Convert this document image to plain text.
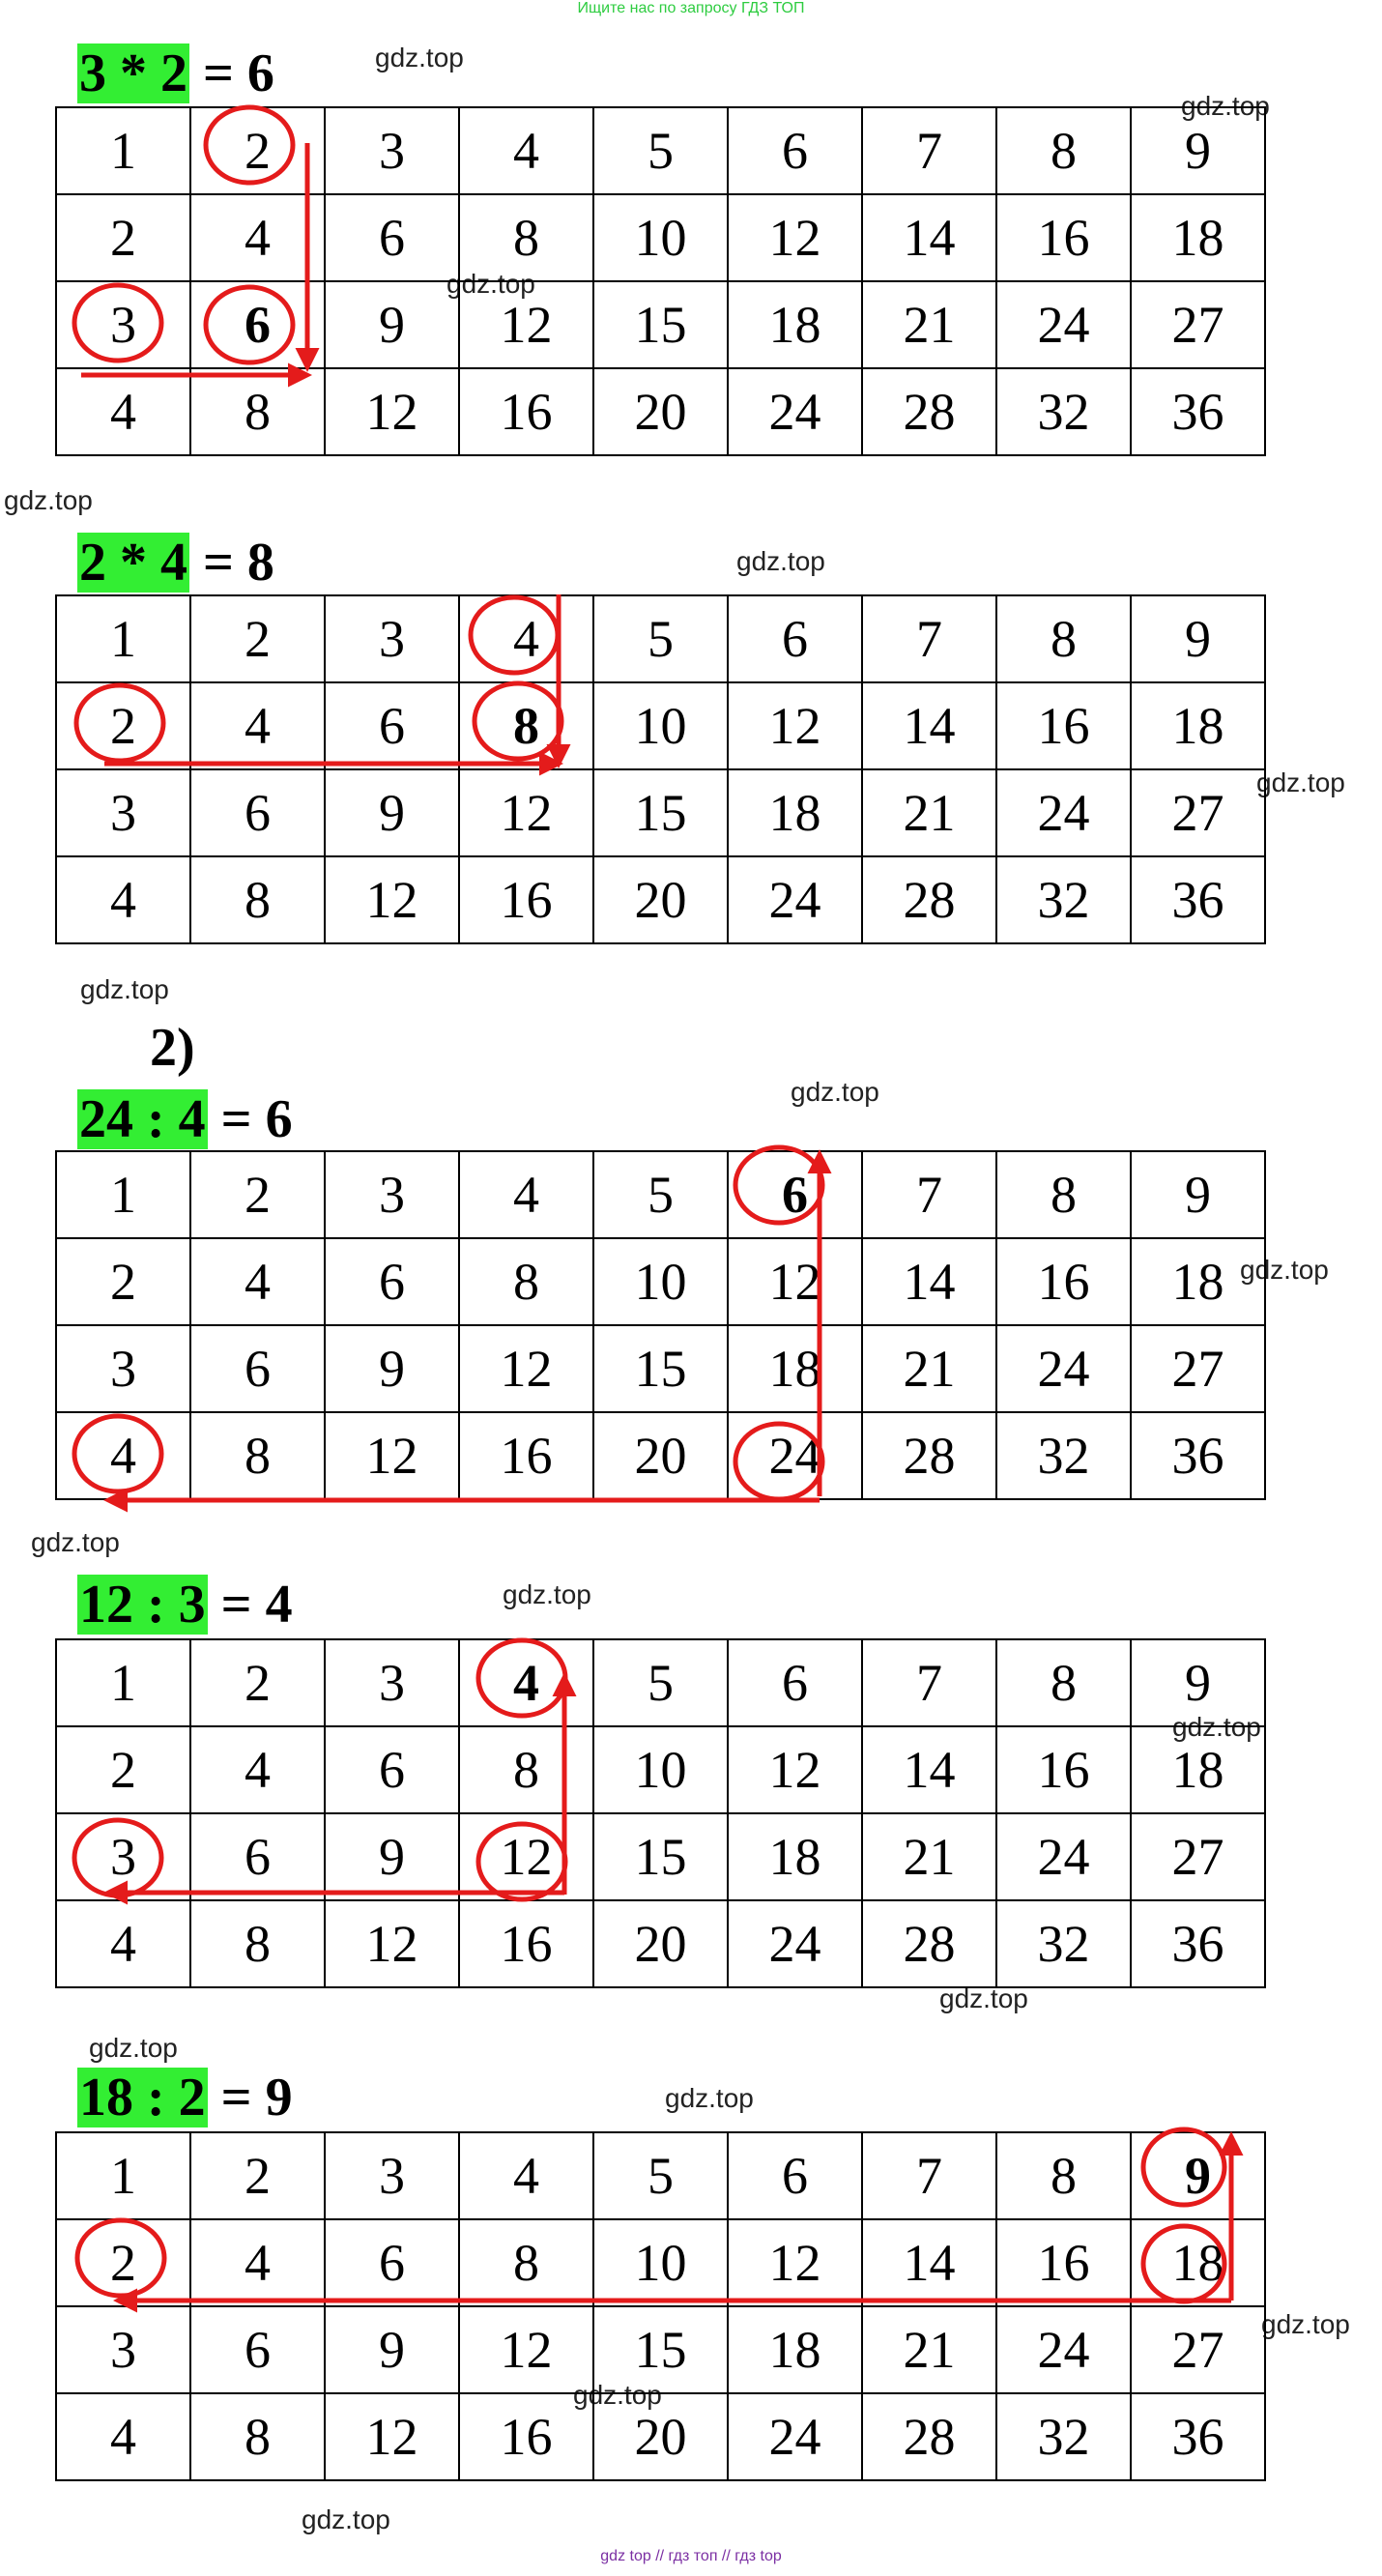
Ищите нас по запросу ГДЗ ТОП
gdz.top
gdz.top
gdz.top
gdz.top
gdz.top
gdz.top
gdz.top
gdz.top
gdz.top
gdz.top
gdz.top
gdz.top
gdz.top
gdz.top
gdz.top
gdz.top
gdz.top
gdz.top
3 * 2 = 6
1	2	3	4	5	6	7	8	9
2	4	6	8	10	12	14	16	18
3	6	9	12	15	18	21	24	27
4	8	12	16	20	24	28	32	36
2 * 4 = 8
1	2	3	4	5	6	7	8	9
2	4	6	8	10	12	14	16	18
3	6	9	12	15	18	21	24	27
4	8	12	16	20	24	28	32	36
2)
24 : 4 = 6
1	2	3	4	5	6	7	8	9
2	4	6	8	10	12	14	16	18
3	6	9	12	15	18	21	24	27
4	8	12	16	20	24	28	32	36
12 : 3 = 4
1	2	3	4	5	6	7	8	9
2	4	6	8	10	12	14	16	18
3	6	9	12	15	18	21	24	27
4	8	12	16	20	24	28	32	36
18 : 2 = 9
1	2	3	4	5	6	7	8	9
2	4	6	8	10	12	14	16	18
3	6	9	12	15	18	21	24	27
4	8	12	16	20	24	28	32	36
gdz top // гдз топ // гдз top
